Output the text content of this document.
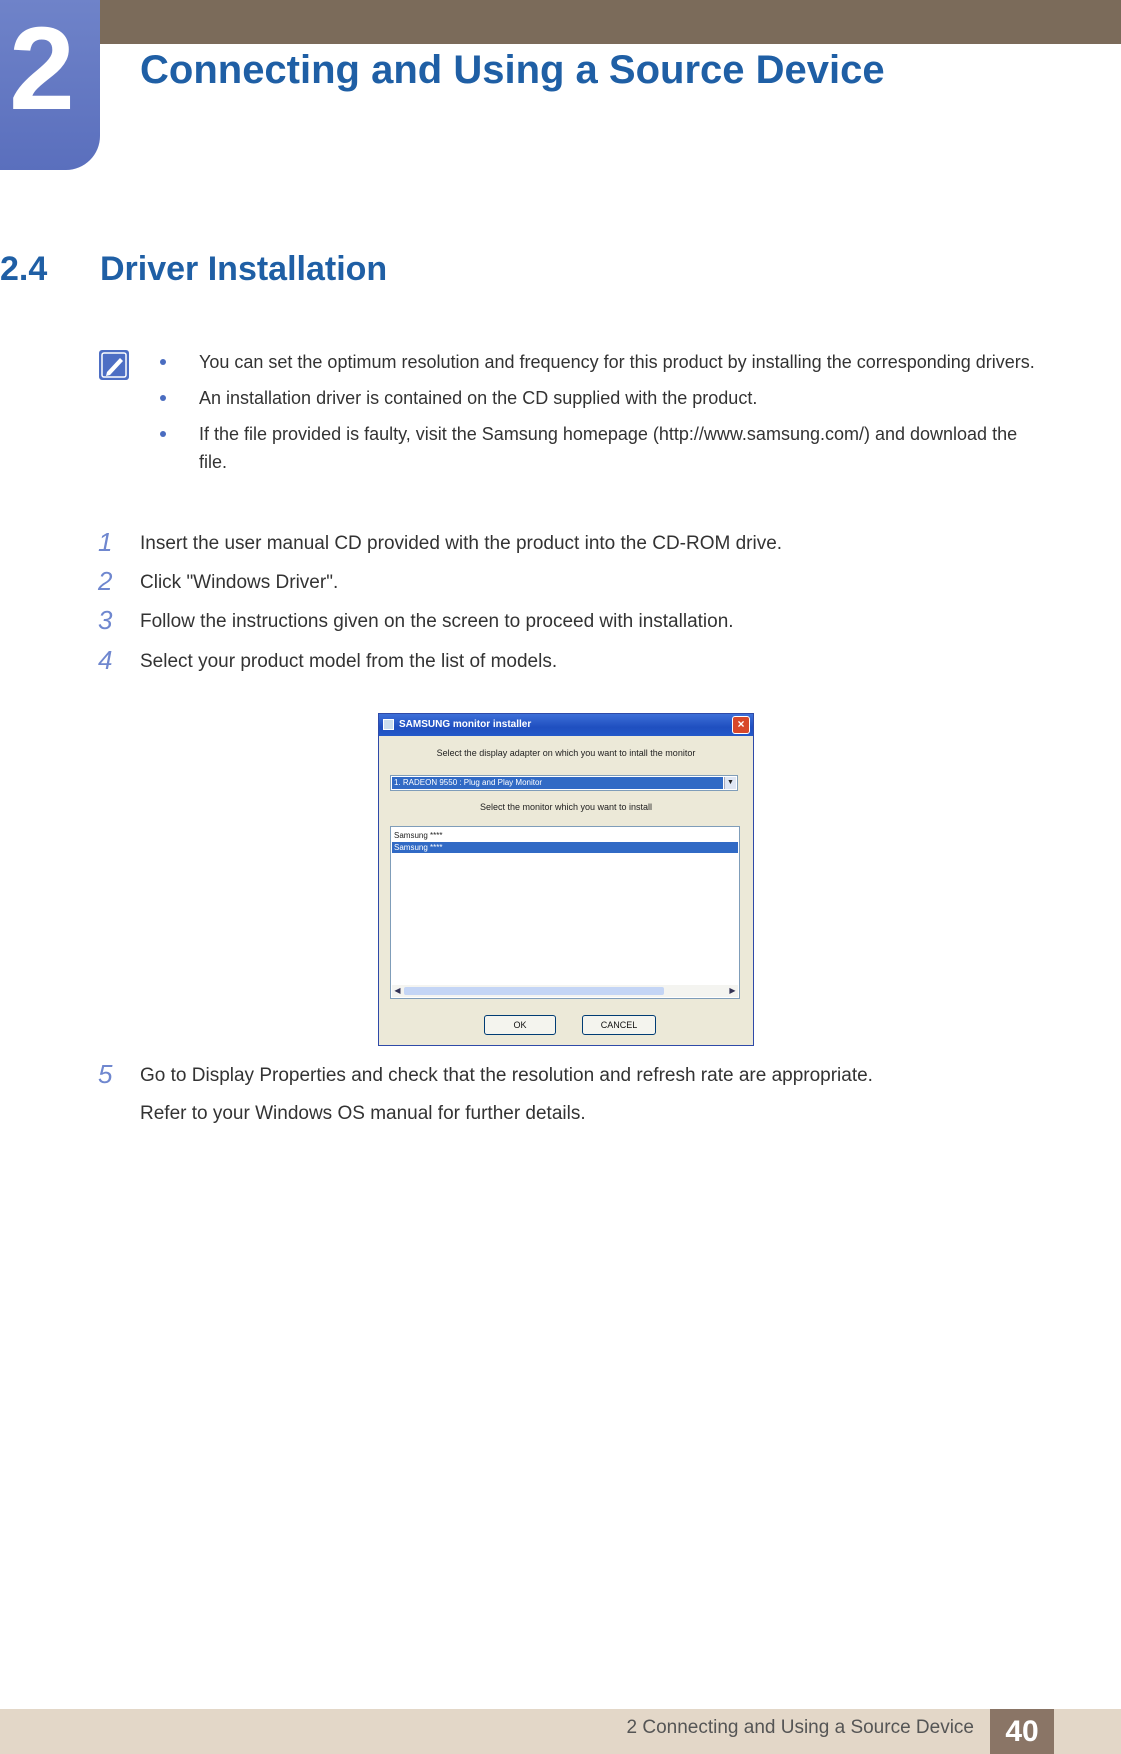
2 Connecting and Using a Source Device
2.4 Driver Installation
You can set the optimum resolution and frequency for this product by installing the corresponding drivers.
An installation driver is contained on the CD supplied with the product.
If the file provided is faulty, visit the Samsung homepage (http://www.samsung.com/) and download the file.
1 Insert the user manual CD provided with the product into the CD-ROM drive.
2 Click "Windows Driver".
3 Follow the instructions given on the screen to proceed with installation.
4 Select your product model from the list of models.
SAMSUNG monitor installer	×
Select the display adapter on which you want to intall the monitor
1. RADEON 9550 : Plug and Play Monitor	▼
Select the monitor which you want to install
Samsung ****
Samsung ****
◀	▶
OK	CANCEL
5 Go to Display Properties and check that the resolution and refresh rate are appropriate.
Refer to your Windows OS manual for further details.
2 Connecting and Using a Source Device	40
